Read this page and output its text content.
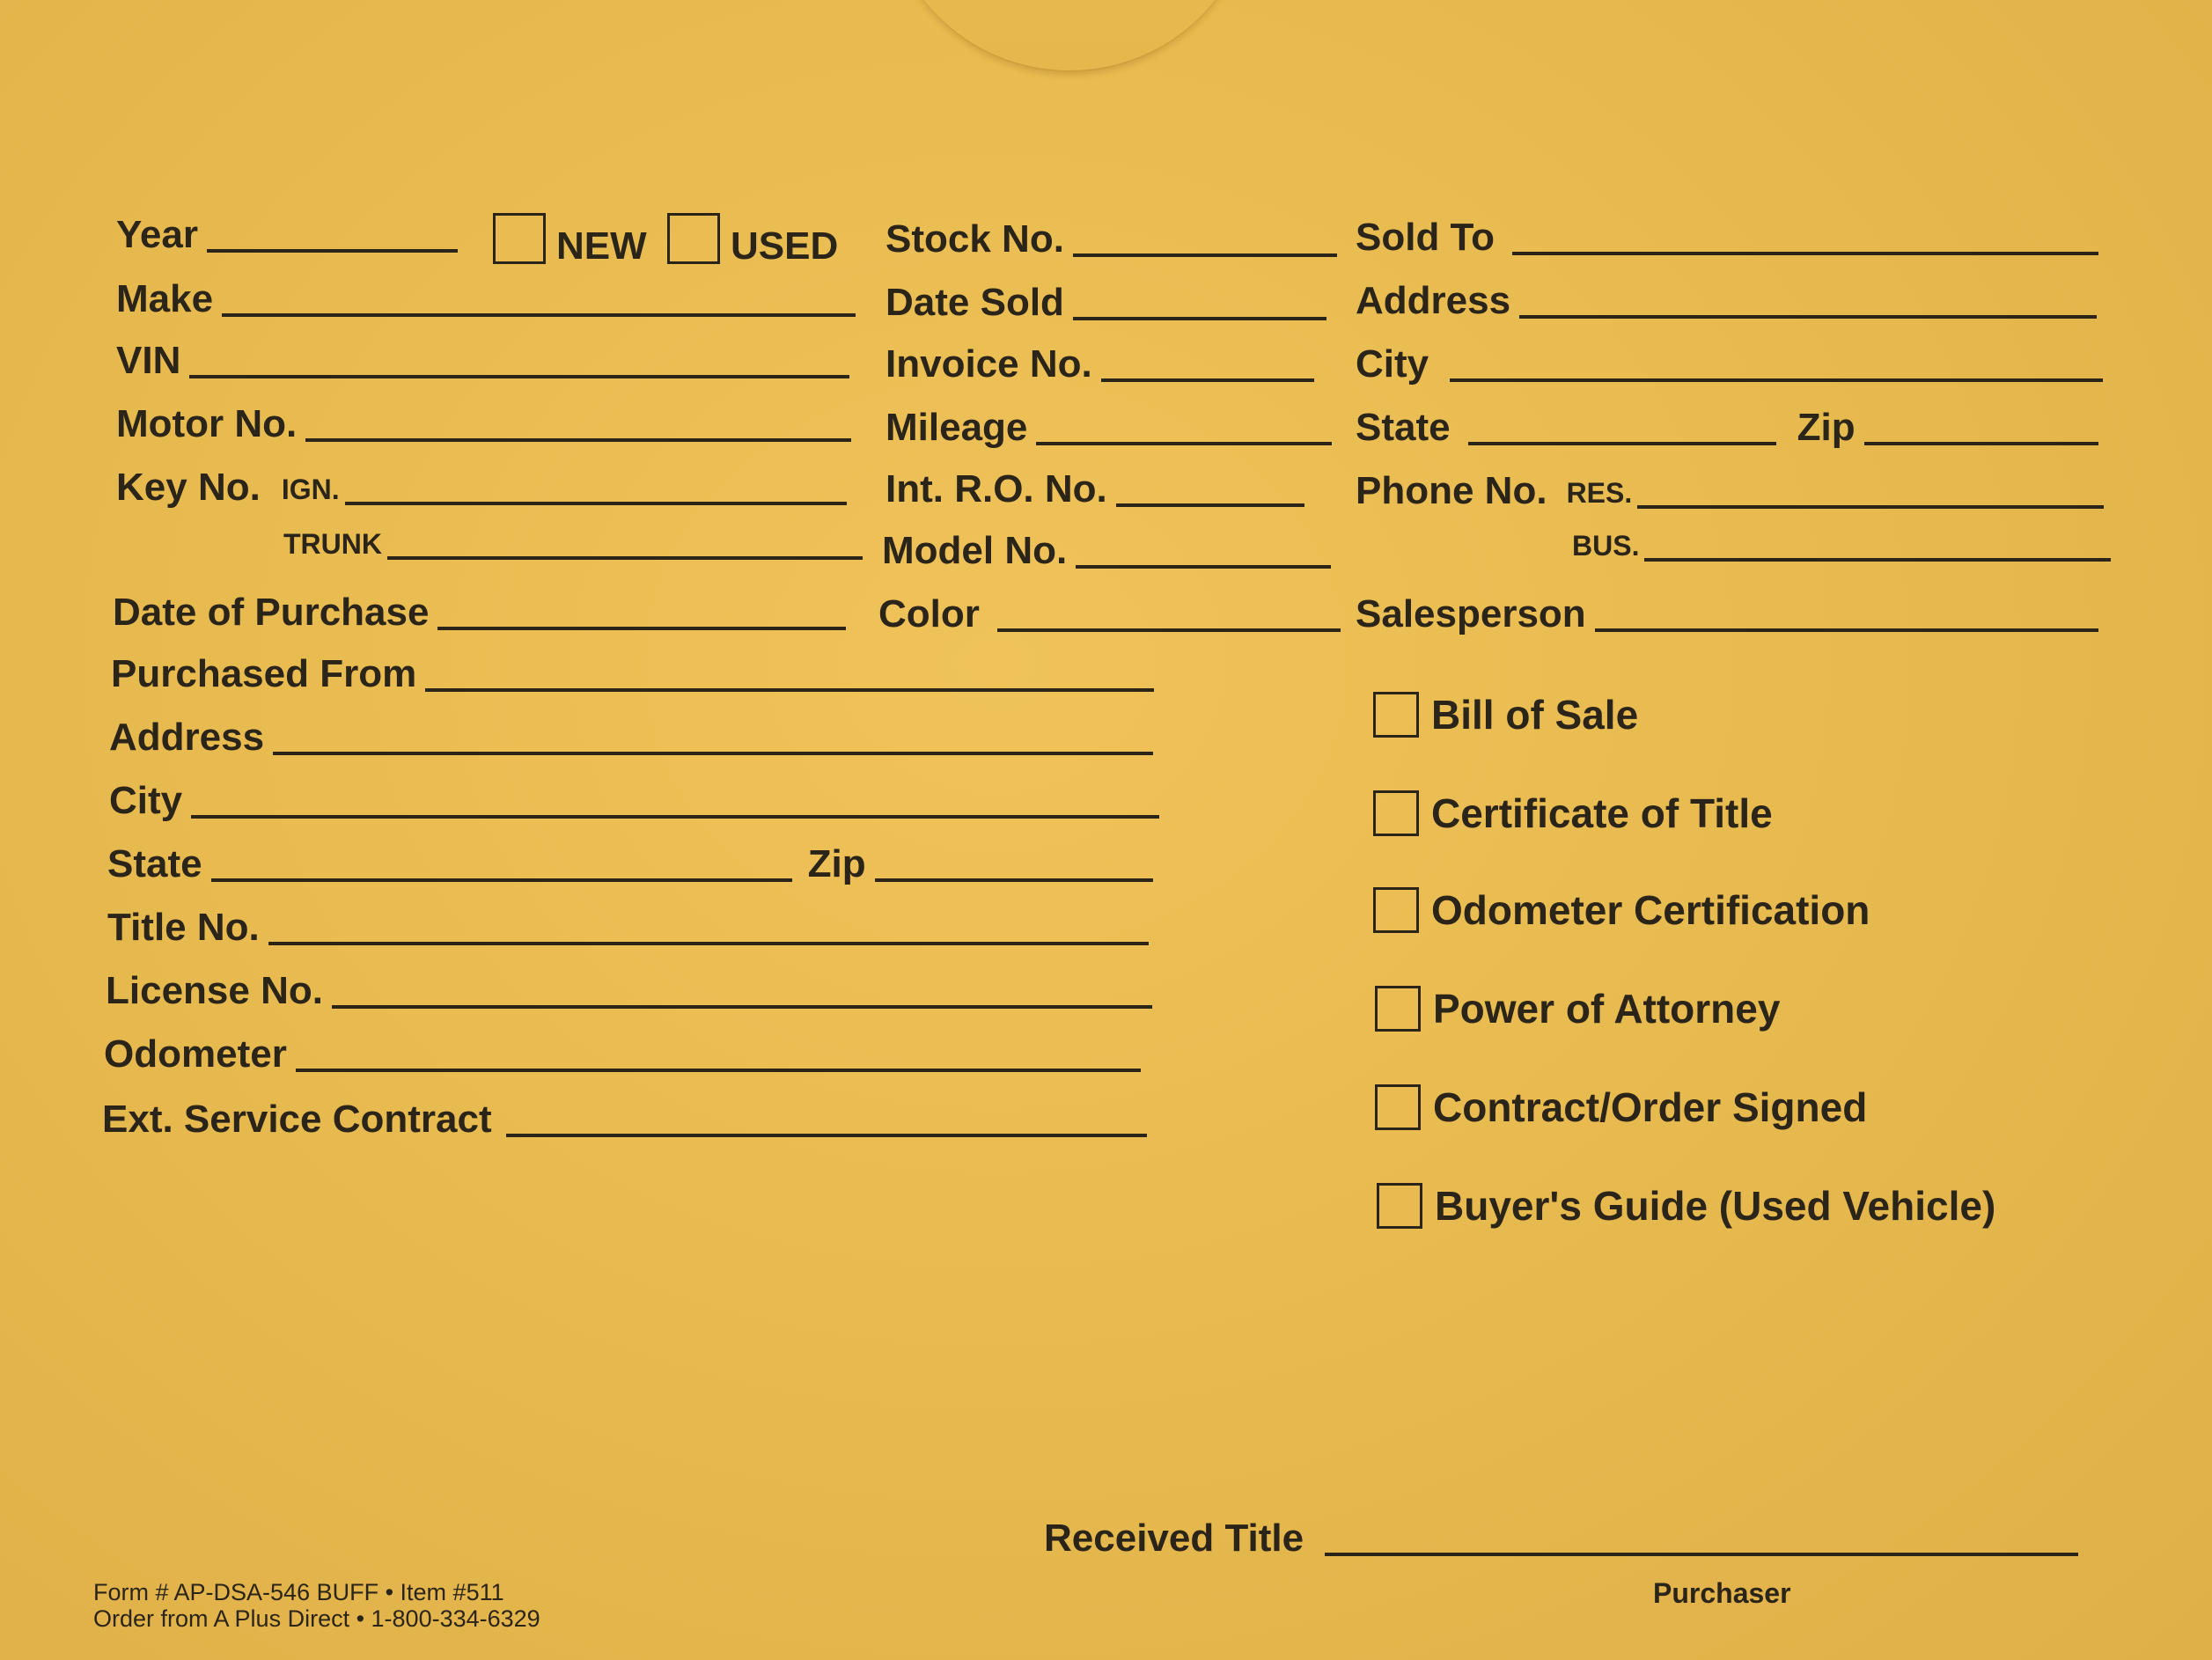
Year	NEW USED
Make
VIN
Motor No.
Key No. IGN.
TRUNK
Date of Purchase
Purchased From
Address
City
State	Zip
Title No.
License No.
Odometer
Ext. Service Contract
Stock No.
Date Sold
Invoice No.
Mileage
Int. R.O. No.
Model No.
Color
Sold To
Address
City
State	Zip
Phone No. RES.
BUS.
Salesperson
Bill of Sale
Certificate of Title
Odometer Certification
Power of Attorney
Contract/Order Signed
Buyer's Guide (Used Vehicle)
Received Title
Purchaser
Form # AP-DSA-546 BUFF • Item #511
Order from A Plus Direct • 1-800-334-6329
